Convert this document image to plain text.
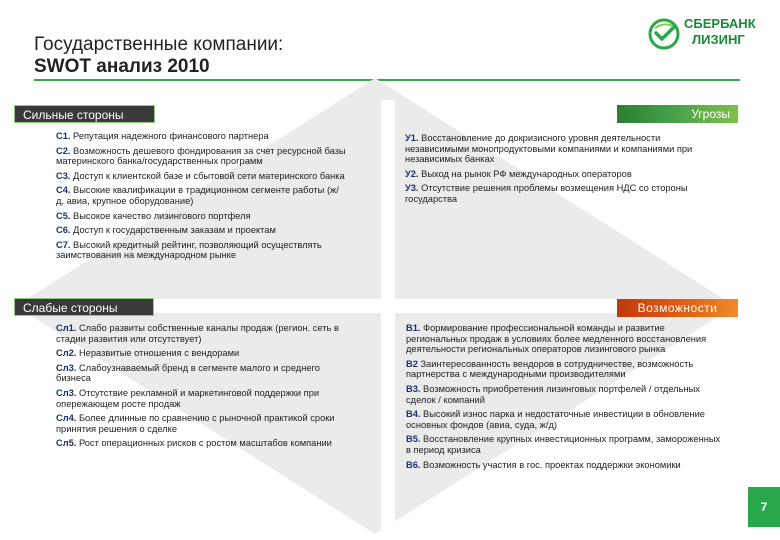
Государственные компании:
SWOT анализ 2010
СБЕРБАНК
ЛИЗИНГ
Сильные стороны	Угрозы
Слабые стороны	Возможности
С1. Репутация надежного финансового партнера
С2. Возможность дешевого фондирования за счет ресурсной базы материнского банка/государственных программ
С3. Доступ к клиентской базе и сбытовой сети материнского банка
С4. Высокие квалификации в традиционном сегменте работы (ж/д, авиа, крупное оборудование)
С5. Высокое качество лизингового портфеля
С6. Доступ к государственным заказам и проектам
С7. Высокий кредитный рейтинг, позволяющий осуществлять заимствования на международном рынке
У1. Восстановление до докризисного уровня деятельности независимыми монопродуктовыми компаниями и компаниями при независимых банках
У2. Выход на рынок РФ международных операторов
У3. Отсутствие решения проблемы возмещения НДС со стороны государства
Сл1. Слабо развиты собственные каналы продаж (регион. сеть в стадии развития или отсутствует)
Сл2. Неразвитые отношения с вендорами
Сл3. Слабоузнаваемый бренд в сегменте малого и среднего бизнеса
Сл3. Отсутствие рекламной и маркетинговой поддержки при опережающем росте продаж
Сл4. Более длинные по сравнению с рыночной практикой сроки принятия решения о сделке
Сл5. Рост операционных рисков с ростом масштабов компании
В1. Формирование профессиональной команды и развитие региональных продаж в условиях более медленного восстановления деятельности региональных операторов лизингового рынка
В2 Заинтересованность вендоров в сотрудничестве, возможность партнерства с международными производителями
В3. Возможность приобретения лизинговых портфелей / отдельных сделок / компаний
В4. Высокий износ парка и недостаточные инвестиции в обновление основных фондов (авиа, суда, ж/д)
В5. Восстановление крупных инвестиционных программ, замороженных в период кризиса
В6. Возможность участия в гос. проектах поддержки экономики
7
